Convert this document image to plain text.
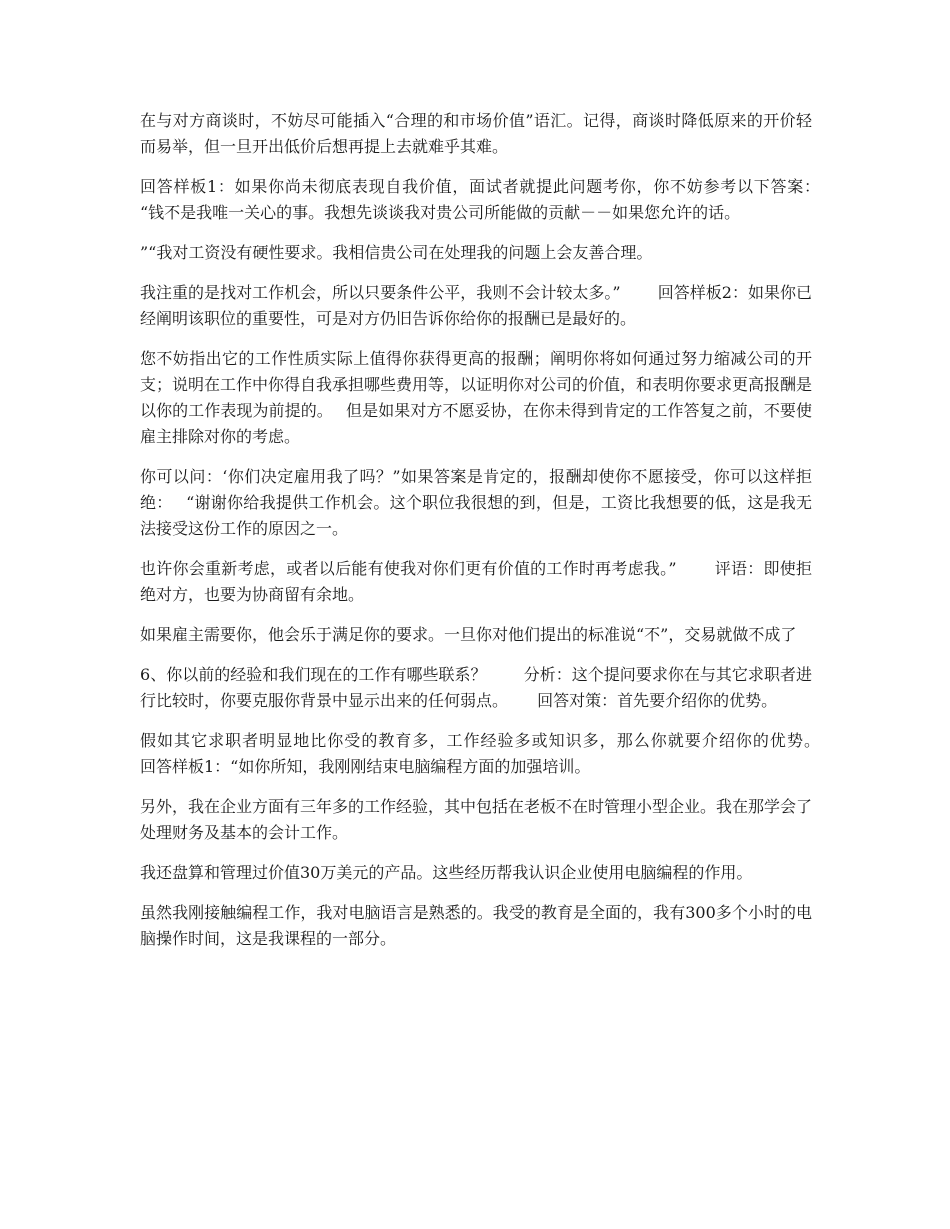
在与对方商谈时，不妨尽可能插入“合理的和市场价值”语汇。记得，商谈时降低原来的开价轻而易举，但一旦开出低价后想再提上去就难乎其难。

回答样板1：如果你尚未彻底表现自我价值，面试者就提此问题考你，你不妨参考以下答案：　 “钱不是我唯一关心的事。我想先谈谈我对贵公司所能做的贡献－－如果您允许的话。

”“我对工资没有硬性要求。我相信贵公司在处理我的问题上会友善合理。

我注重的是找对工作机会，所以只要条件公平，我则不会计较太多。”　　 回答样板2：如果你已经阐明该职位的重要性，可是对方仍旧告诉你给你的报酬已是最好的。

您不妨指出它的工作性质实际上值得你获得更高的报酬；阐明你将如何通过努力缩减公司的开支；说明在工作中你得自我承担哪些费用等，以证明你对公司的价值，和表明你要求更高报酬是以你的工作表现为前提的。　 但是如果对方不愿妥协，在你未得到肯定的工作答复之前，不要使雇主排除对你的考虑。

你可以问：‘你们决定雇用我了吗？”如果答案是肯定的，报酬却使你不愿接受，你可以这样拒绝：　 “谢谢你给我提供工作机会。这个职位我很想的到，但是，工资比我想要的低，这是我无法接受这份工作的原因之一。

也许你会重新考虑，或者以后能有使我对你们更有价值的工作时再考虑我。”　　 评语：即使拒绝对方，也要为协商留有余地。

如果雇主需要你，他会乐于满足你的要求。一旦你对他们提出的标准说“不”，交易就做不成了

6、你以前的经验和我们现在的工作有哪些联系？　　 分析：这个提问要求你在与其它求职者进行比较时，你要克服你背景中显示出来的任何弱点。　　 回答对策：首先要介绍你的优势。

假如其它求职者明显地比你受的教育多，工作经验多或知识多，那么你就要介绍你的优势。　　 回答样板1：“如你所知，我刚刚结束电脑编程方面的加强培训。

另外，我在企业方面有三年多的工作经验，其中包括在老板不在时管理小型企业。我在那学会了处理财务及基本的会计工作。

我还盘算和管理过价值30万美元的产品。这些经历帮我认识企业使用电脑编程的作用。

虽然我刚接触编程工作，我对电脑语言是熟悉的。我受的教育是全面的，我有300多个小时的电脑操作时间，这是我课程的一部分。
